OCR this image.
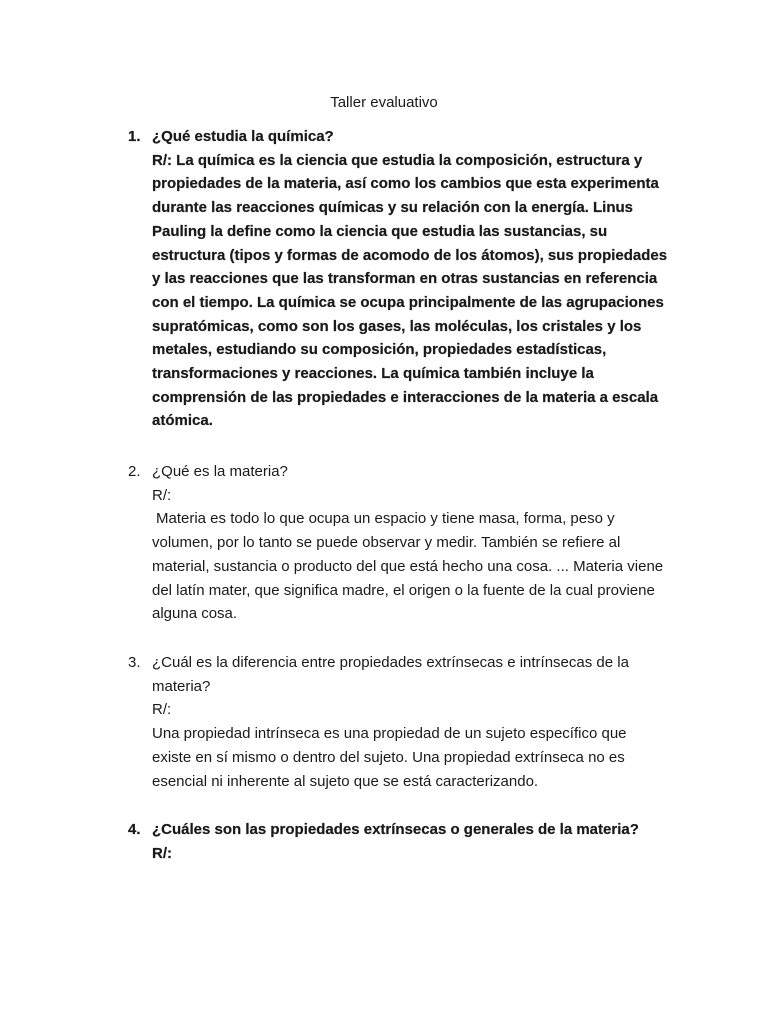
Taller evaluativo
1. ¿Qué estudia la química?

R/: La química es la ciencia que estudia la composición, estructura y propiedades de la materia, así como los cambios que esta experimenta durante las reacciones químicas y su relación con la energía. Linus Pauling la define como la ciencia que estudia las sustancias, su estructura (tipos y formas de acomodo de los átomos), sus propiedades y las reacciones que las transforman en otras sustancias en referencia con el tiempo. La química se ocupa principalmente de las agrupaciones supratómicas, como son los gases, las moléculas, los cristales y los metales, estudiando su composición, propiedades estadísticas, transformaciones y reacciones. La química también incluye la comprensión de las propiedades e interacciones de la materia a escala atómica.

2. ¿Qué es la materia?

R/:

Materia es todo lo que ocupa un espacio y tiene masa, forma, peso y volumen, por lo tanto se puede observar y medir. También se refiere al material, sustancia o producto del que está hecho una cosa. ... Materia viene del latín mater, que significa madre, el origen o la fuente de la cual proviene alguna cosa.

3. ¿Cuál es la diferencia entre propiedades extrínsecas e intrínsecas de la materia?

R/:

Una propiedad intrínseca es una propiedad de un sujeto específico que existe en sí mismo o dentro del sujeto. Una propiedad extrínseca no es esencial ni inherente al sujeto que se está caracterizando.

4. ¿Cuáles son las propiedades extrínsecas o generales de la materia?

R/:
